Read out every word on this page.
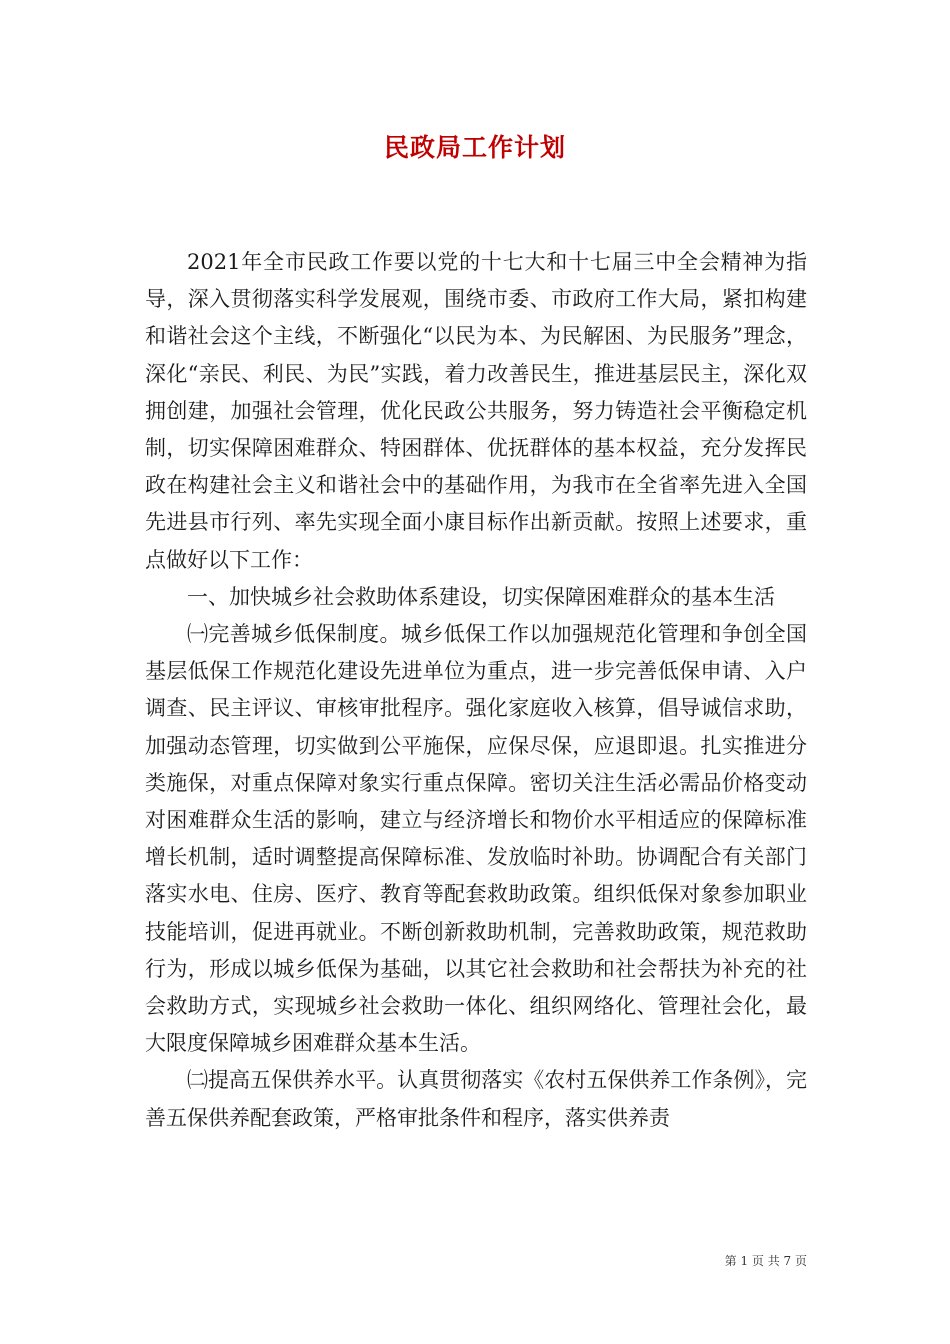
民政局工作计划

2021年全市民政工作要以党的十七大和十七届三中全会精神为指导，深入贯彻落实科学发展观，围绕市委、市政府工作大局，紧扣构建和谐社会这个主线，不断强化“以民为本、为民解困、为民服务”理念，深化“亲民、利民、为民”实践，着力改善民生，推进基层民主，深化双拥创建，加强社会管理，优化民政公共服务，努力铸造社会平衡稳定机制，切实保障困难群众、特困群体、优抚群体的基本权益，充分发挥民政在构建社会主义和谐社会中的基础作用，为我市在全省率先进入全国先进县市行列、率先实现全面小康目标作出新贡献。按照上述要求，重点做好以下工作：

一、加快城乡社会救助体系建设，切实保障困难群众的基本生活

㈠完善城乡低保制度。城乡低保工作以加强规范化管理和争创全国基层低保工作规范化建设先进单位为重点，进一步完善低保申请、入户调查、民主评议、审核审批程序。强化家庭收入核算，倡导诚信求助，加强动态管理，切实做到公平施保，应保尽保，应退即退。扎实推进分类施保，对重点保障对象实行重点保障。密切关注生活必需品价格变动对困难群众生活的影响，建立与经济增长和物价水平相适应的保障标准增长机制，适时调整提高保障标准、发放临时补助。协调配合有关部门落实水电、住房、医疗、教育等配套救助政策。组织低保对象参加职业技能培训，促进再就业。不断创新救助机制，完善救助政策，规范救助行为，形成以城乡低保为基础，以其它社会救助和社会帮扶为补充的社会救助方式，实现城乡社会救助一体化、组织网络化、管理社会化，最大限度保障城乡困难群众基本生活。

㈡提高五保供养水平。认真贯彻落实《农村五保供养工作条例》，完善五保供养配套政策，严格审批条件和程序，落实供养责

第 1 页 共 7 页
